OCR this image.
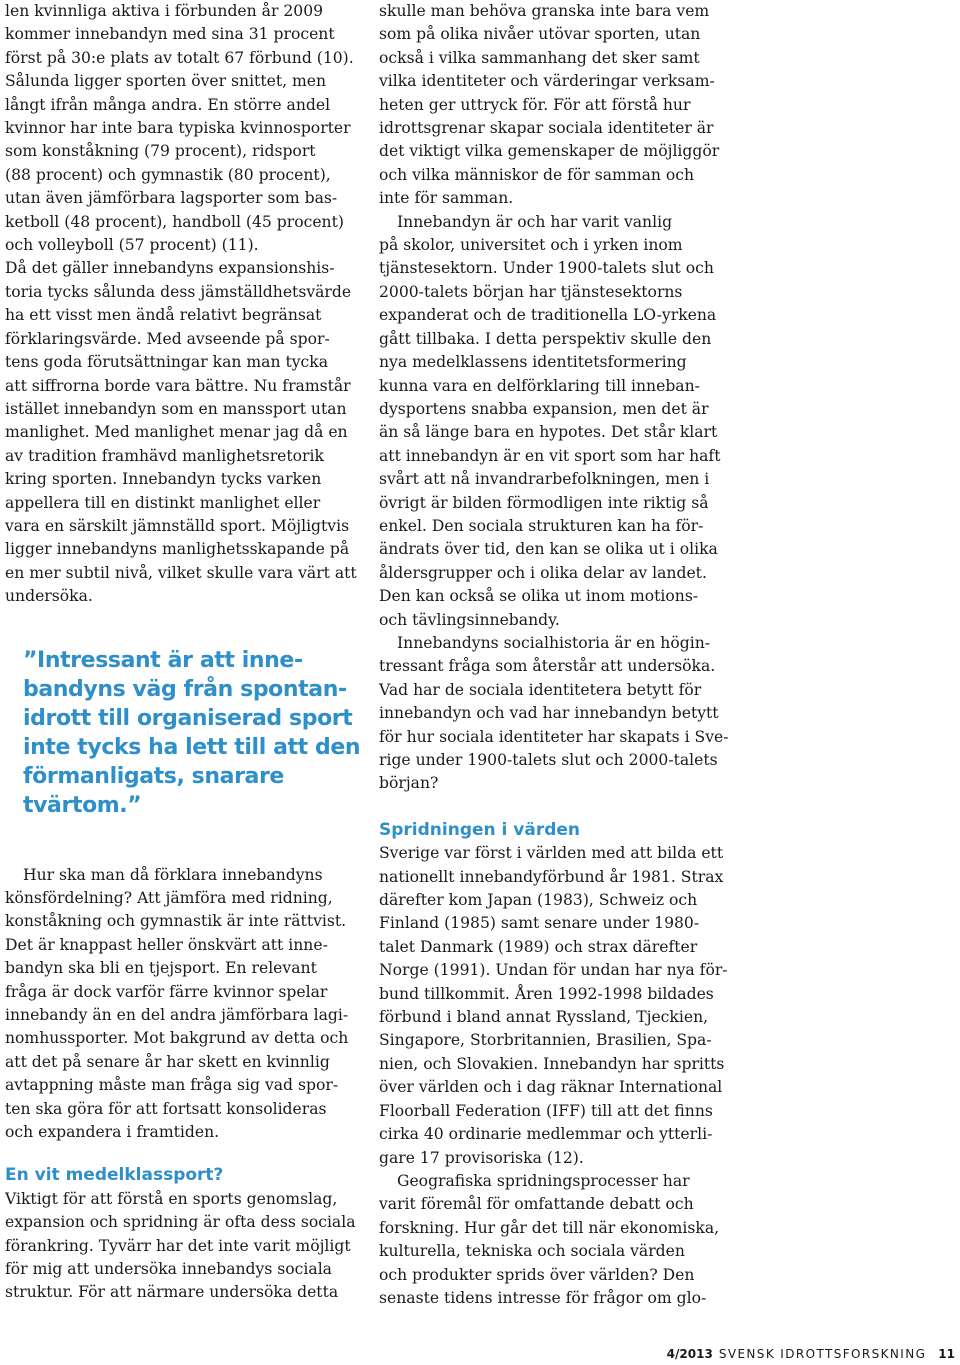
len kvinnliga aktiva i förbunden år 2009
kommer innebandyn med sina 31 procent
först på 30:e plats av totalt 67 förbund (10).
Sålunda ligger sporten över snittet, men
långt ifrån många andra. En större andel
kvinnor har inte bara typiska kvinnosporter
som konståkning (79 procent), ridsport
(88 procent) och gymnastik (80 procent),
utan även jämförbara lagsporter som bas-
ketboll (48 procent), handboll (45 procent)
och volleyboll (57 procent) (11).
Då det gäller innebandyns expansionshis-
toria tycks sålunda dess jämställdhetsvärde
ha ett visst men ändå relativt begränsat
förklaringsvärde. Med avseende på spor-
tens goda förutsättningar kan man tycka
att siffrorna borde vara bättre. Nu framstår
istället innebandyn som en manssport utan
manlighet. Med manlighet menar jag då en
av tradition framhävd manlighetsretorik
kring sporten. Innebandyn tycks varken
appellera till en distinkt manlighet eller
vara en särskilt jämnställd sport. Möjligtvis
ligger innebandyns manlighetsskapande på
en mer subtil nivå, vilket skulle vara värt att
undersöka.
Hur ska man då förklara innebandyns
könsfördelning? Att jämföra med ridning,
konståkning och gymnastik är inte rättvist.
Det är knappast heller önskvärt att inne-
bandyn ska bli en tjejsport. En relevant
fråga är dock varför färre kvinnor spelar
innebandy än en del andra jämförbara lagi-
nomhussporter. Mot bakgrund av detta och
att det på senare år har skett en kvinnlig
avtappning måste man fråga sig vad spor-
ten ska göra för att fortsatt konsolideras
och expandera i framtiden.
En vit medelklassport?
Viktigt för att förstå en sports genomslag,
expansion och spridning är ofta dess sociala
förankring. Tyvärr har det inte varit möjligt
för mig att undersöka innebandys sociala
struktur. För att närmare undersöka detta
”Intressant är att inne-
bandyns väg från spontan-
idrott till organiserad sport
inte tycks ha lett till att den
förmanligats, snarare
tvärtom.”
skulle man behöva granska inte bara vem
som på olika nivåer utövar sporten, utan
också i vilka sammanhang det sker samt
vilka identiteter och värderingar verksam-
heten ger uttryck för. För att förstå hur
idrottsgrenar skapar sociala identiteter är
det viktigt vilka gemenskaper de möjliggör
och vilka människor de för samman och
inte för samman.
Innebandyn är och har varit vanlig
på skolor, universitet och i yrken inom
tjänstesektorn. Under 1900-talets slut och
2000-talets början har tjänstesektorns
expanderat och de traditionella LO-yrkena
gått tillbaka. I detta perspektiv skulle den
nya medelklassens identitetsformering
kunna vara en delförklaring till inneban-
dysportens snabba expansion, men det är
än så länge bara en hypotes. Det står klart
att innebandyn är en vit sport som har haft
svårt att nå invandrarbefolkningen, men i
övrigt är bilden förmodligen inte riktig så
enkel. Den sociala strukturen kan ha för-
ändrats över tid, den kan se olika ut i olika
åldersgrupper och i olika delar av landet.
Den kan också se olika ut inom motions-
och tävlingsinnebandy.
Innebandyns socialhistoria är en högin-
tressant fråga som återstår att undersöka.
Vad har de sociala identitetera betytt för
innebandyn och vad har innebandyn betytt
för hur sociala identiteter har skapats i Sve-
rige under 1900-talets slut och 2000-talets
början?
Spridningen i värden
Sverige var först i världen med att bilda ett
nationellt innebandyförbund år 1981. Strax
därefter kom Japan (1983), Schweiz och
Finland (1985) samt senare under 1980-
talet Danmark (1989) och strax därefter
Norge (1991). Undan för undan har nya för-
bund tillkommit. Åren 1992-1998 bildades
förbund i bland annat Ryssland, Tjeckien,
Singapore, Storbritannien, Brasilien, Spa-
nien, och Slovakien. Innebandyn har spritts
över världen och i dag räknar International
Floorball Federation (IFF) till att det finns
cirka 40 ordinarie medlemmar och ytterli-
gare 17 provisoriska (12).
Geografiska spridningsprocesser har
varit föremål för omfattande debatt och
forskning. Hur går det till när ekonomiska,
kulturella, tekniska och sociala värden
och produkter sprids över världen? Den
senaste tidens intresse för frågor om glo-
4/2013 SVENSK IDROTTSFORSKNING 11
